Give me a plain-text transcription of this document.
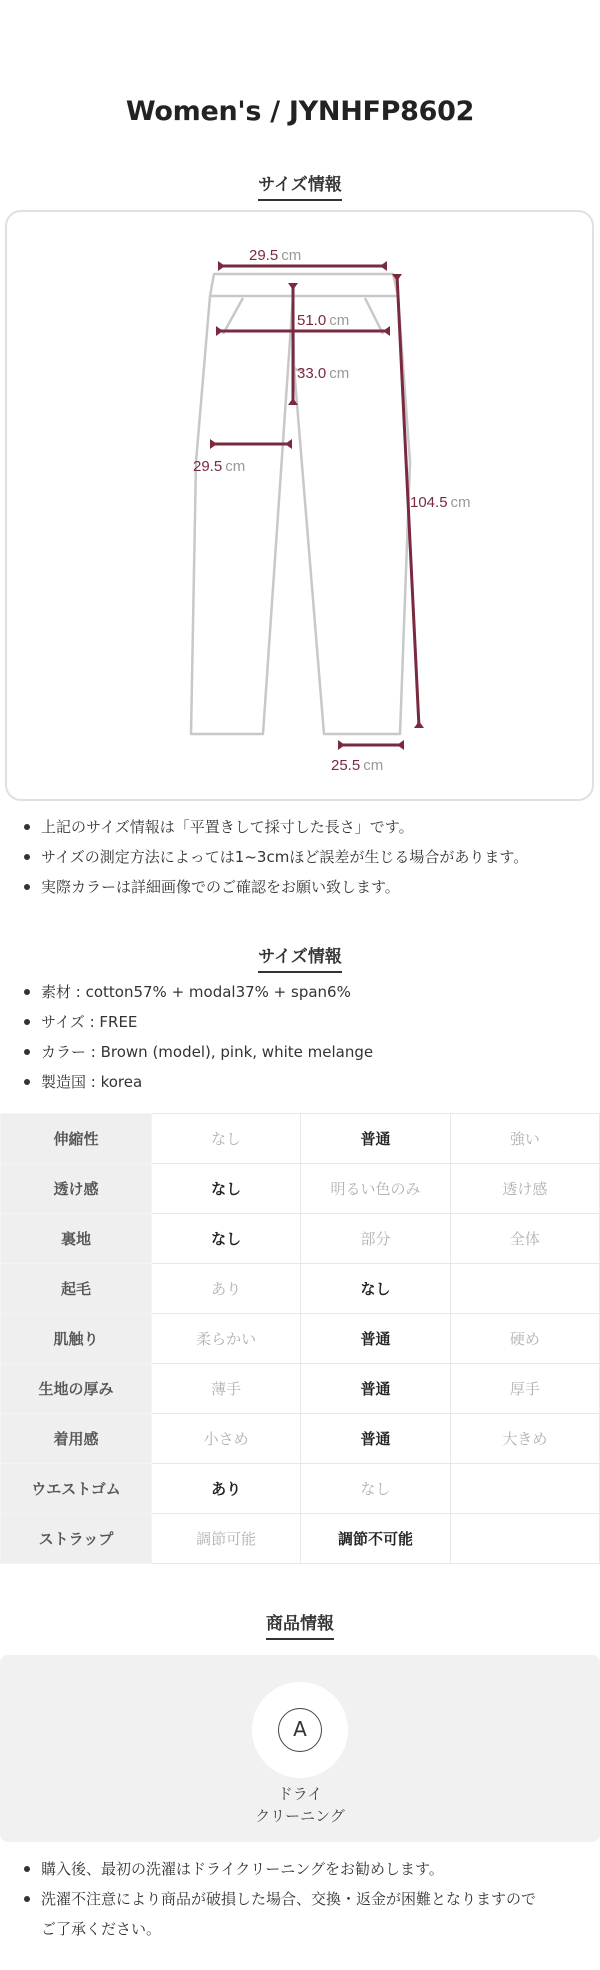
Women's / JYNHFP8602
サイズ情報
29.5 cm
51.0 cm
33.0 cm
29.5 cm
104.5 cm
25.5 cm
上記のサイズ情報は「平置きして採寸した長さ」です。
サイズの測定方法によっては1~3cmほど誤差が生じる場合があります。
実際カラーは詳細画像でのご確認をお願い致します。
サイズ情報
素材 : cotton57% + modal37% + span6%
サイズ : FREE
カラー : Brown (model), pink, white melange
製造国 : korea
伸縮性	なし	普通	強い
透け感	なし	明るい色のみ	透け感
裏地	なし	部分	全体
起毛	あり	なし	
肌触り	柔らかい	普通	硬め
生地の厚み	薄手	普通	厚手
着用感	小さめ	普通	大きめ
ウエストゴム	あり	なし	
ストラップ	調節可能	調節不可能	
商品情報
A
ドライ
クリーニング
購入後、最初の洗濯はドライクリーニングをお勧めします。
洗濯不注意により商品が破損した場合、交換・返金が困難となりますので
ご了承ください。
